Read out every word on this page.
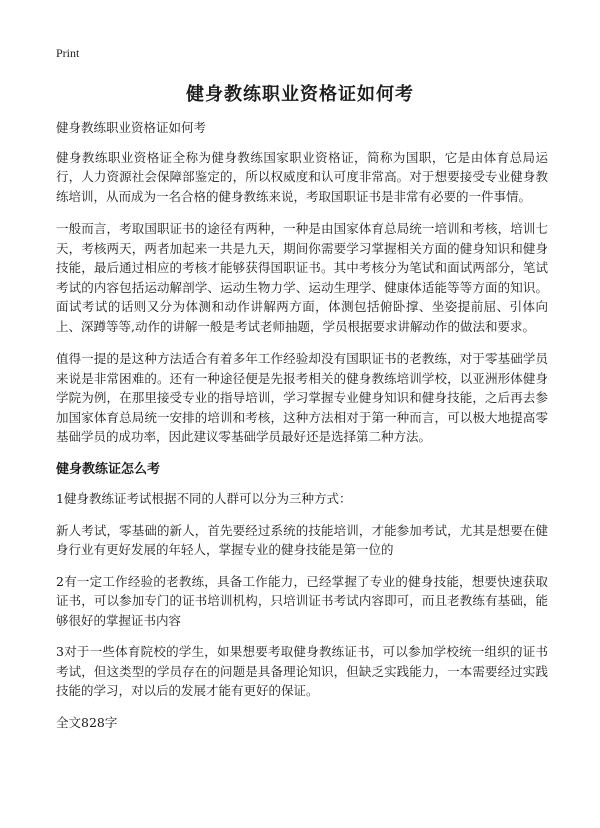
Print
健身教练职业资格证如何考

健身教练职业资格证如何考

健身教练职业资格证全称为健身教练国家职业资格证，简称为国职，它是由体育总局运行，人力资源社会保障部鉴定的，所以权威度和认可度非常高。对于想要接受专业健身教练培训，从而成为一名合格的健身教练来说，考取国职证书是非常有必要的一件事情。

一般而言，考取国职证书的途径有两种，一种是由国家体育总局统一培训和考核，培训七天，考核两天，两者加起来一共是九天，期间你需要学习掌握相关方面的健身知识和健身技能，最后通过相应的考核才能够获得国职证书。其中考核分为笔试和面试两部分，笔试考试的内容包括运动解剖学、运动生物力学、运动生理学、健康体适能等等方面的知识。面试考试的话则又分为体测和动作讲解两方面，体测包括俯卧撑、坐姿提前屈、引体向上、深蹲等等,动作的讲解一般是考试老师抽题，学员根据要求讲解动作的做法和要求。

值得一提的是这种方法适合有着多年工作经验却没有国职证书的老教练，对于零基础学员来说是非常困难的。还有一种途径便是先报考相关的健身教练培训学校，以亚洲形体健身学院为例，在那里接受专业的指导培训，学习掌握专业健身知识和健身技能，之后再去参加国家体育总局统一安排的培训和考核，这种方法相对于第一种而言，可以极大地提高零基础学员的成功率，因此建议零基础学员最好还是选择第二种方法。

健身教练证怎么考

1健身教练证考试根据不同的人群可以分为三种方式：

新人考试，零基础的新人，首先要经过系统的技能培训，才能参加考试，尤其是想要在健身行业有更好发展的年轻人，掌握专业的健身技能是第一位的

2有一定工作经验的老教练，具备工作能力，已经掌握了专业的健身技能，想要快速获取证书，可以参加专门的证书培训机构，只培训证书考试内容即可，而且老教练有基础，能够很好的掌握证书内容

3对于一些体育院校的学生，如果想要考取健身教练证书，可以参加学校统一组织的证书考试，但这类型的学员存在的问题是具备理论知识，但缺乏实践能力，一本需要经过实践技能的学习，对以后的发展才能有更好的保证。

全文828字
